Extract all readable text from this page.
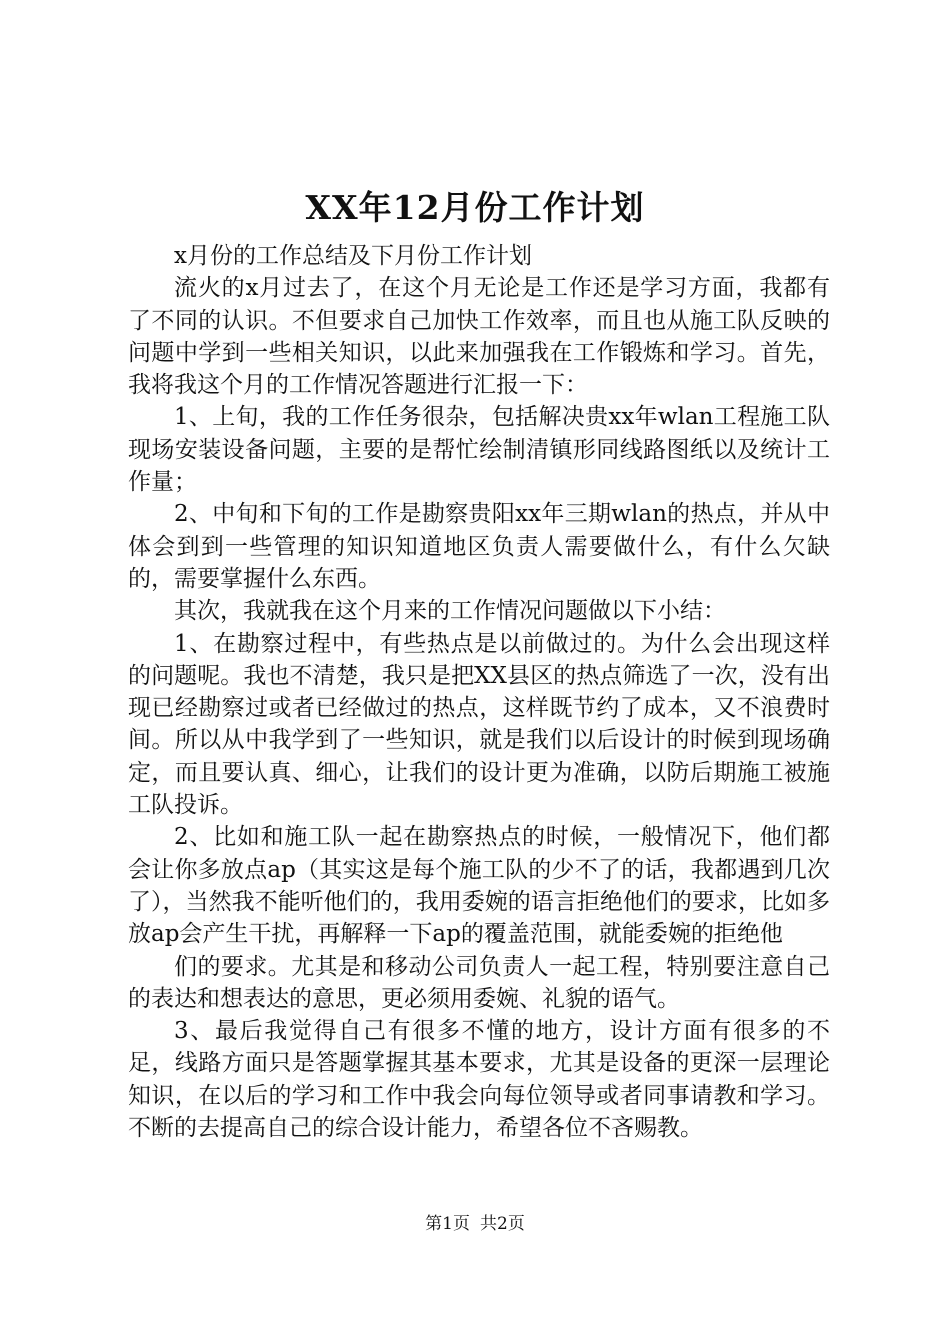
XX年12月份工作计划

x月份的工作总结及下月份工作计划

流火的x月过去了，在这个月无论是工作还是学习方面，我都有了不同的认识。不但要求自己加快工作效率，而且也从施工队反映的问题中学到一些相关知识，以此来加强我在工作锻炼和学习。首先，我将我这个月的工作情况答题进行汇报一下：

1、上旬，我的工作任务很杂，包括解决贵xx年wlan工程施工队现场安装设备问题，主要的是帮忙绘制清镇形同线路图纸以及统计工作量；

2、中旬和下旬的工作是勘察贵阳xx年三期wlan的热点，并从中体会到到一些管理的知识知道地区负责人需要做什么，有什么欠缺的，需要掌握什么东西。

其次，我就我在这个月来的工作情况问题做以下小结：

1、在勘察过程中，有些热点是以前做过的。为什么会出现这样的问题呢。我也不清楚，我只是把XX县区的热点筛选了一次，没有出现已经勘察过或者已经做过的热点，这样既节约了成本，又不浪费时间。所以从中我学到了一些知识，就是我们以后设计的时候到现场确定，而且要认真、细心，让我们的设计更为准确，以防后期施工被施工队投诉。

2、比如和施工队一起在勘察热点的时候，一般情况下，他们都会让你多放点ap（其实这是每个施工队的少不了的话，我都遇到几次了），当然我不能听他们的，我用委婉的语言拒绝他们的要求，比如多放ap会产生干扰，再解释一下ap的覆盖范围，就能委婉的拒绝他

们的要求。尤其是和移动公司负责人一起工程，特别要注意自己的表达和想表达的意思，更必须用委婉、礼貌的语气。

3、最后我觉得自己有很多不懂的地方，设计方面有很多的不足，线路方面只是答题掌握其基本要求，尤其是设备的更深一层理论知识，在以后的学习和工作中我会向每位领导或者同事请教和学习。不断的去提高自己的综合设计能力，希望各位不吝赐教。

第1页 共2页
